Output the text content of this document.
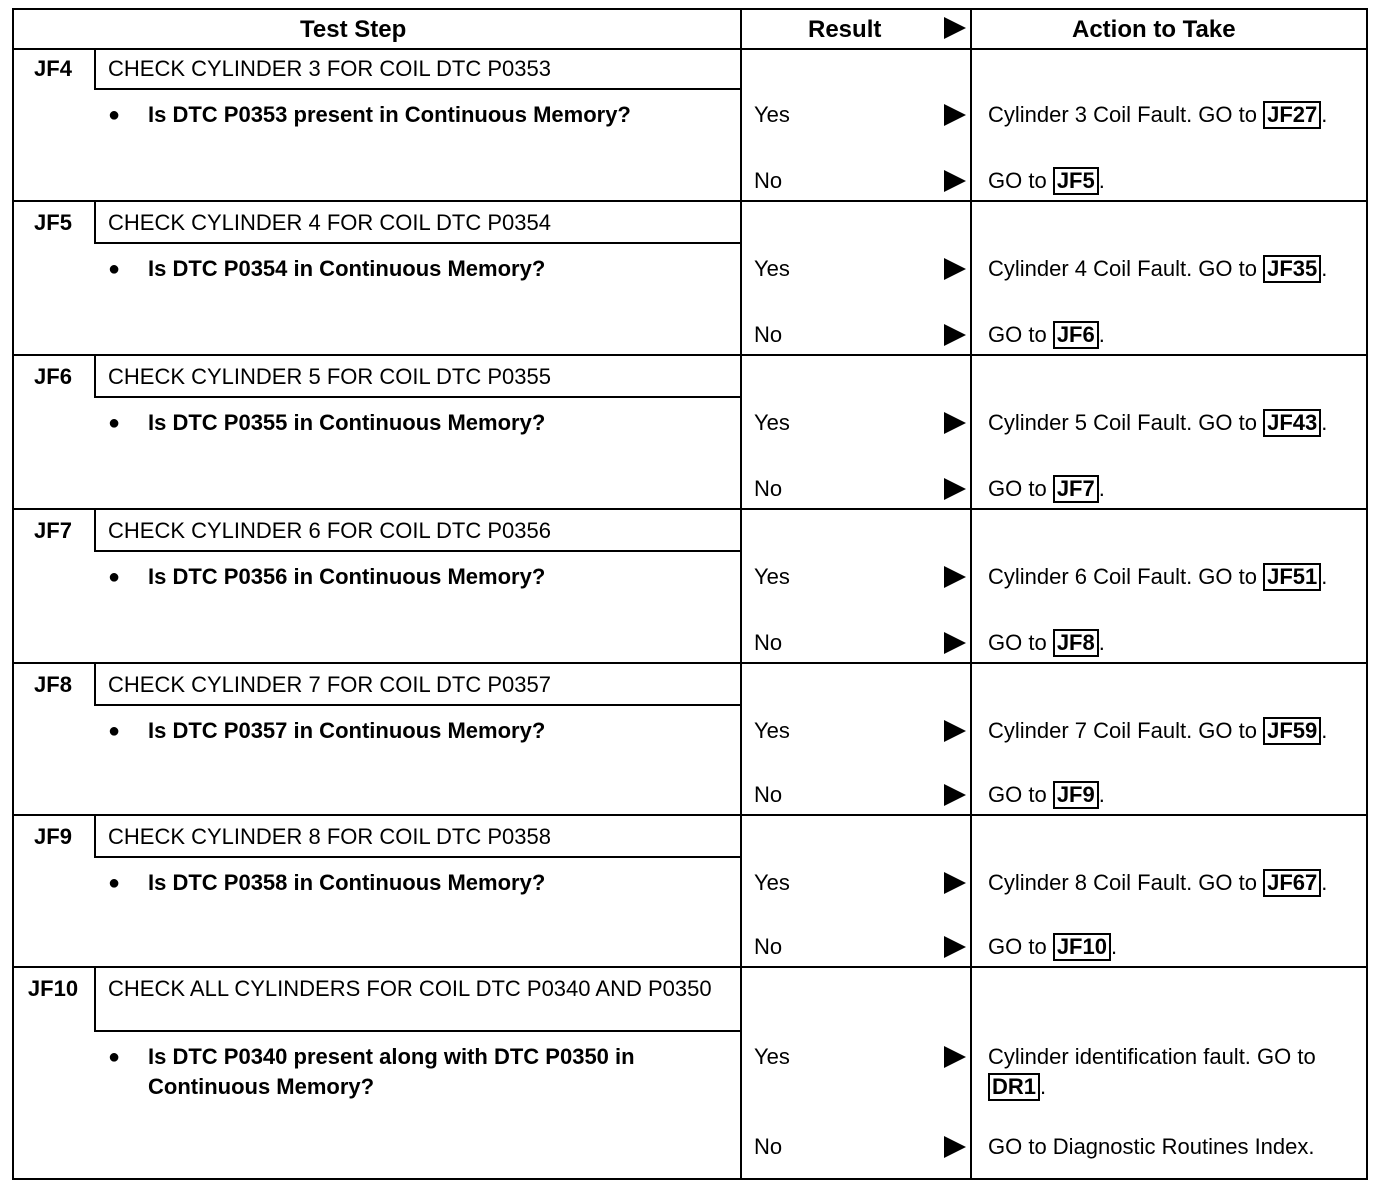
Test Step	Result	Action to Take
JF4	CHECK CYLINDER 3 FOR COIL DTC P0353
● Is DTC P0353 present in Continuous Memory?	Yes	Cylinder 3 Coil Fault. GO to JF27 .
No	GO to JF5 .
JF5	CHECK CYLINDER 4 FOR COIL DTC P0354
● Is DTC P0354 in Continuous Memory?	Yes	Cylinder 4 Coil Fault. GO to JF35 .
No	GO to JF6 .
JF6	CHECK CYLINDER 5 FOR COIL DTC P0355
● Is DTC P0355 in Continuous Memory?	Yes	Cylinder 5 Coil Fault. GO to JF43 .
No	GO to JF7 .
JF7	CHECK CYLINDER 6 FOR COIL DTC P0356
● Is DTC P0356 in Continuous Memory?	Yes	Cylinder 6 Coil Fault. GO to JF51 .
No	GO to JF8 .
JF8	CHECK CYLINDER 7 FOR COIL DTC P0357
● Is DTC P0357 in Continuous Memory?	Yes	Cylinder 7 Coil Fault. GO to JF59 .
No	GO to JF9 .
JF9	CHECK CYLINDER 8 FOR COIL DTC P0358
● Is DTC P0358 in Continuous Memory?	Yes	Cylinder 8 Coil Fault. GO to JF67 .
No	GO to JF10 .
JF10	CHECK ALL CYLINDERS FOR COIL DTC P0340 AND P0350
● Is DTC P0340 present along with DTC P0350 in Continuous Memory?
Yes	Cylinder identification fault. GO to DR1 .
No	GO to Diagnostic Routines Index.
